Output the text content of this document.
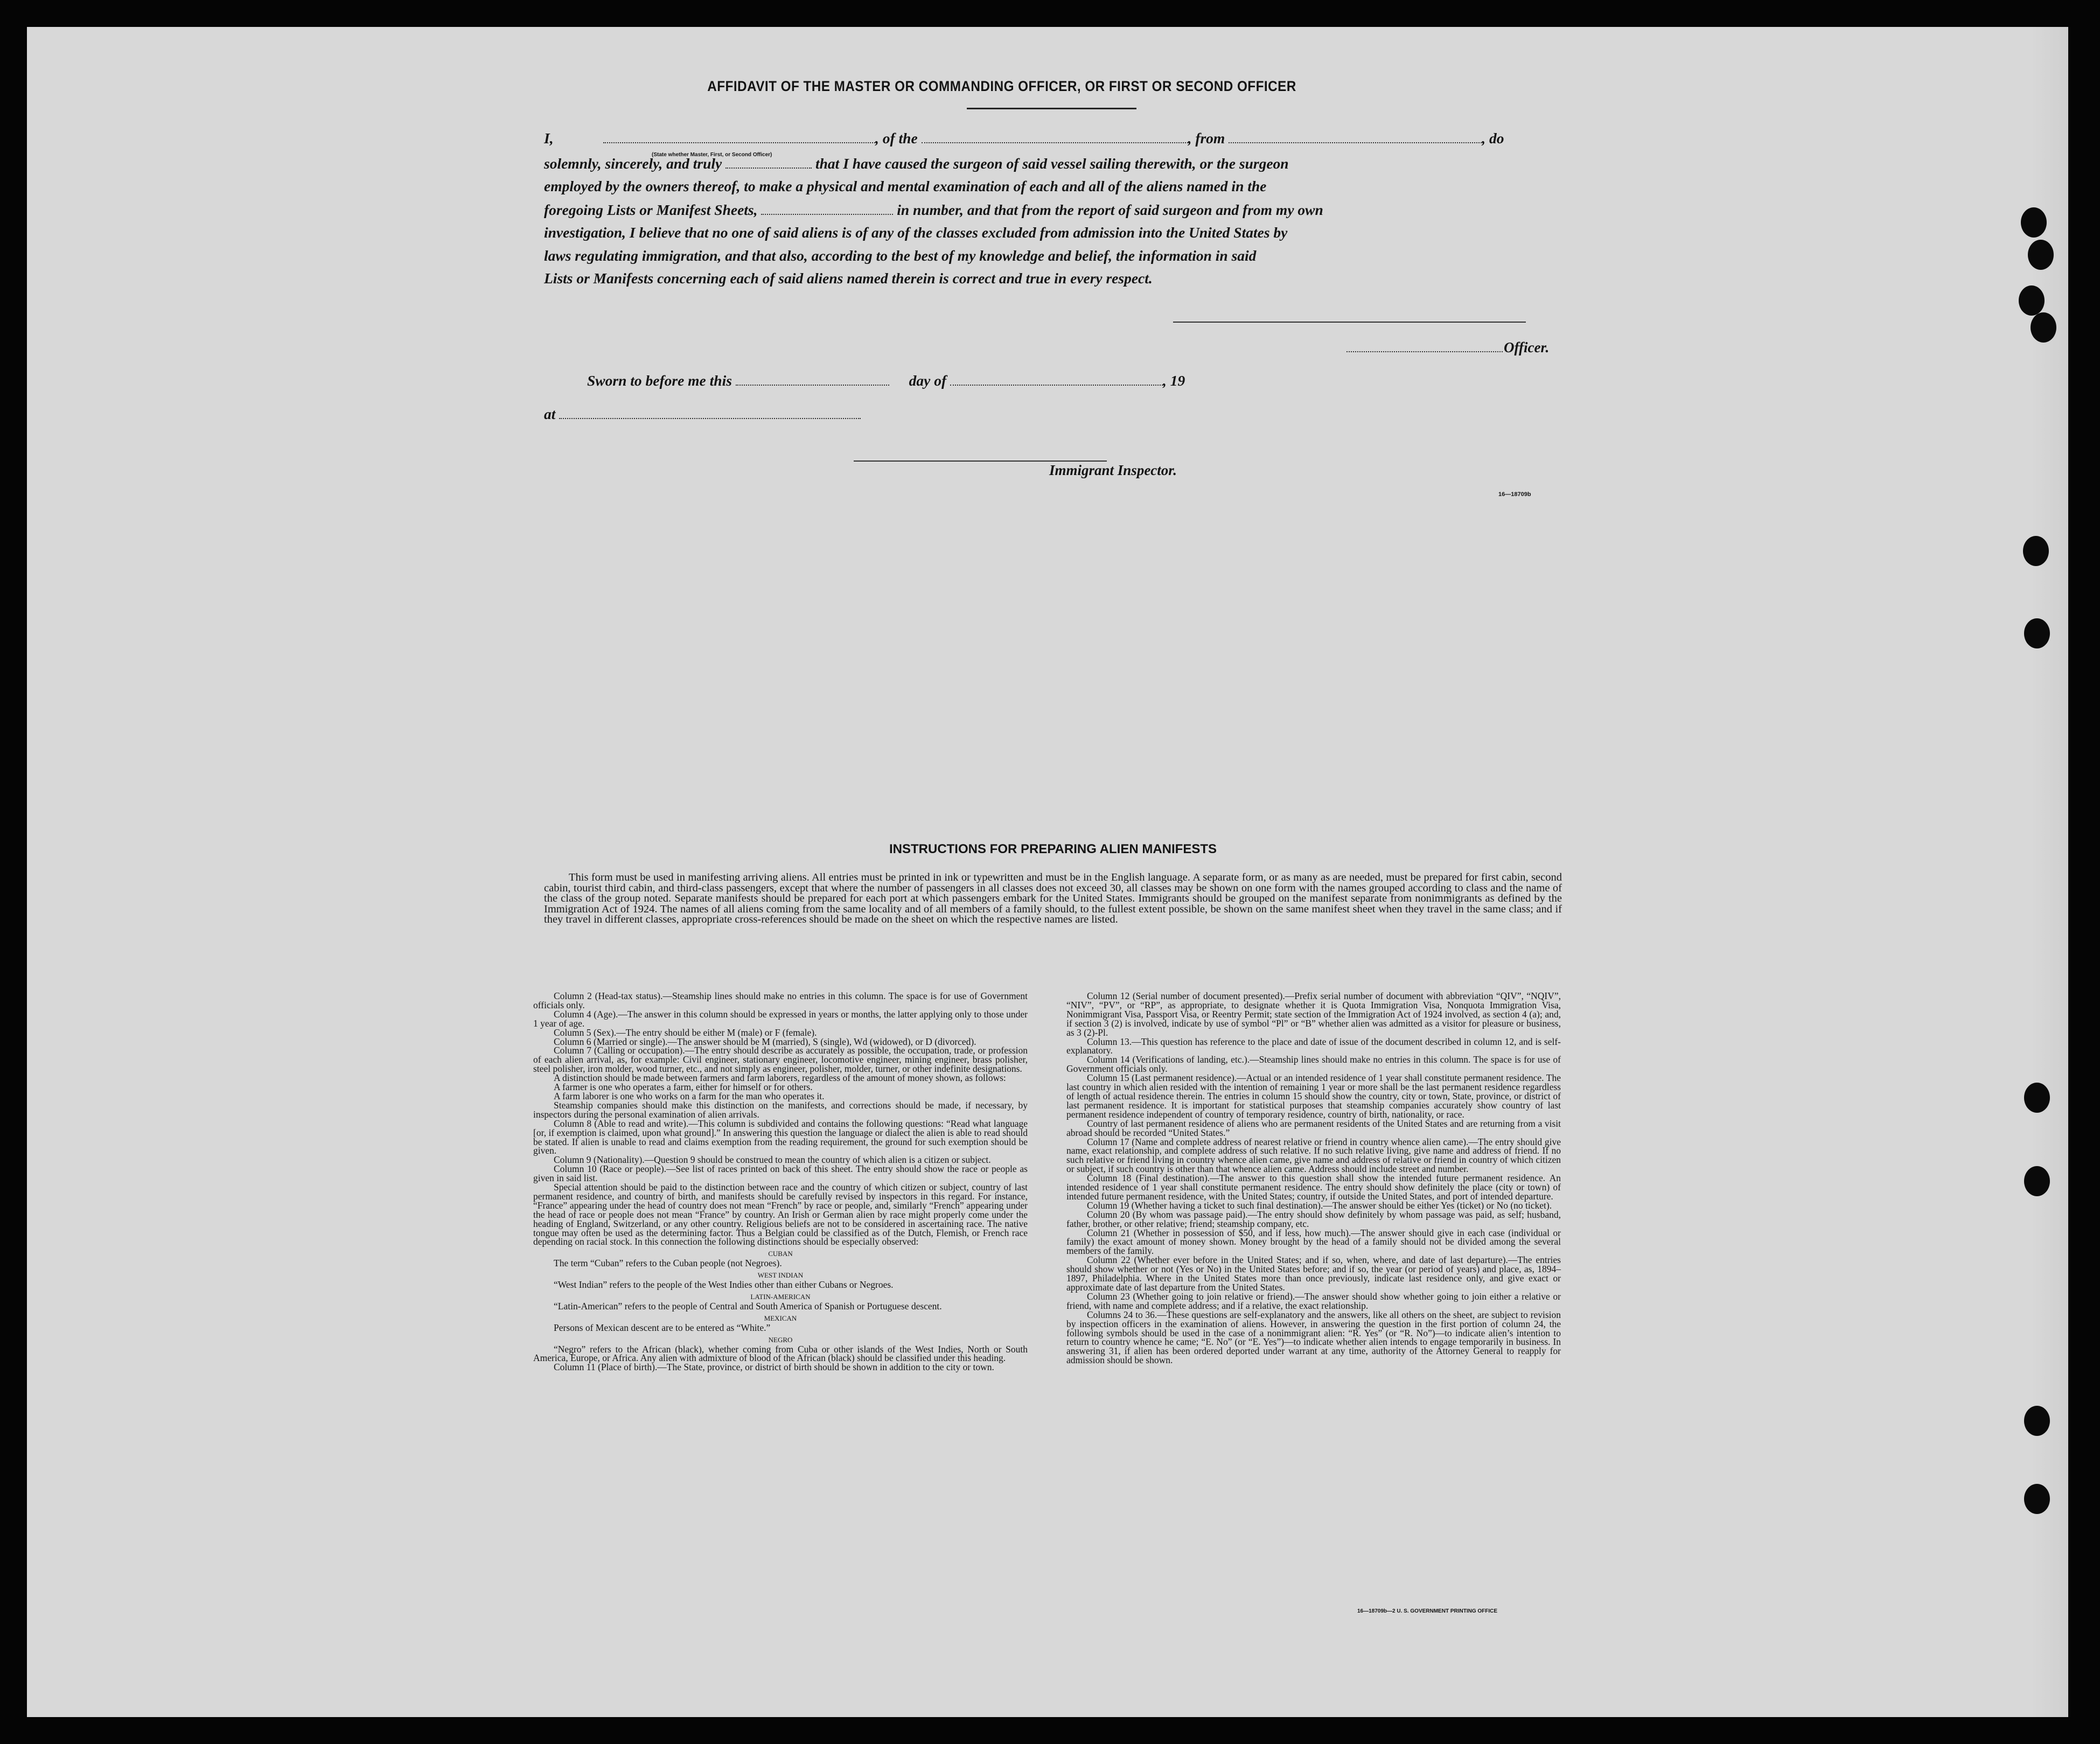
AFFIDAVIT OF THE MASTER OR COMMANDING OFFICER, OR FIRST OR SECOND OFFICER
I,	, of the	, from	, do
(State whether Master, First, or Second Officer)
solemnly, sincerely, and truly	that I have caused the surgeon of said vessel sailing therewith, or the surgeon
employed by the owners thereof, to make a physical and mental examination of each and all of the aliens named in the
foregoing Lists or Manifest Sheets,	in number, and that from the report of said surgeon and from my own
investigation, I believe that no one of said aliens is of any of the classes excluded from admission into the United States by
laws regulating immigration, and that also, according to the best of my knowledge and belief, the information in said
Lists or Manifests concerning each of said aliens named therein is correct and true in every respect.
Officer.
Sworn to before me this	day of	, 19
at
Immigrant Inspector.
16—18709b
INSTRUCTIONS FOR PREPARING ALIEN MANIFESTS

This form must be used in manifesting arriving aliens. All entries must be printed in ink or typewritten and must be in the English language. A separate form, or as many as are needed, must be prepared for first cabin, second cabin, tourist third cabin, and third-class passengers, except that where the number of passengers in all classes does not exceed 30, all classes may be shown on one form with the names grouped according to class and the name of the class of the group noted. Separate manifests should be prepared for each port at which passengers embark for the United States. Immigrants should be grouped on the manifest separate from nonimmigrants as defined by the Immigration Act of 1924. The names of all aliens coming from the same locality and of all members of a family should, to the fullest extent possible, be shown on the same manifest sheet when they travel in the same class; and if they travel in different classes, appropriate cross-references should be made on the sheet on which the respective names are listed.

Column 2 (Head-tax status).—Steamship lines should make no entries in this column. The space is for use of Government officials only.

Column 4 (Age).—The answer in this column should be expressed in years or months, the latter applying only to those under 1 year of age.

Column 5 (Sex).—The entry should be either M (male) or F (female).

Column 6 (Married or single).—The answer should be M (married), S (single), Wd (widowed), or D (divorced).

Column 7 (Calling or occupation).—The entry should describe as accurately as possible, the occupation, trade, or profession of each alien arrival, as, for example: Civil engineer, stationary engineer, locomotive engineer, mining engineer, brass polisher, steel polisher, iron molder, wood turner, etc., and not simply as engineer, polisher, molder, turner, or other indefinite designations.

A distinction should be made between farmers and farm laborers, regardless of the amount of money shown, as follows:

A farmer is one who operates a farm, either for himself or for others.

A farm laborer is one who works on a farm for the man who operates it.

Steamship companies should make this distinction on the manifests, and corrections should be made, if necessary, by inspectors during the personal examination of alien arrivals.

Column 8 (Able to read and write).—This column is subdivided and contains the following questions: “Read what language [or, if exemption is claimed, upon what ground].” In answering this question the language or dialect the alien is able to read should be stated. If alien is unable to read and claims exemption from the reading requirement, the ground for such exemption should be given.

Column 9 (Nationality).—Question 9 should be construed to mean the country of which alien is a citizen or subject.

Column 10 (Race or people).—See list of races printed on back of this sheet. The entry should show the race or people as given in said list.

Special attention should be paid to the distinction between race and the country of which citizen or subject, country of last permanent residence, and country of birth, and manifests should be carefully revised by inspectors in this regard. For instance, “France” appearing under the head of country does not mean “French” by race or people, and, similarly “French” appearing under the head of race or people does not mean “France” by country. An Irish or German alien by race might properly come under the heading of England, Switzerland, or any other country. Religious beliefs are not to be considered in ascertaining race. The native tongue may often be used as the determining factor. Thus a Belgian could be classified as of the Dutch, Flemish, or French race depending on racial stock. In this connection the following distinctions should be especially observed:

CUBAN

The term “Cuban” refers to the Cuban people (not Negroes).

WEST INDIAN

“West Indian” refers to the people of the West Indies other than either Cubans or Negroes.

LATIN-AMERICAN

“Latin-American” refers to the people of Central and South America of Spanish or Portuguese descent.

MEXICAN

Persons of Mexican descent are to be entered as “White.”

NEGRO

“Negro” refers to the African (black), whether coming from Cuba or other islands of the West Indies, North or South America, Europe, or Africa. Any alien with admixture of blood of the African (black) should be classified under this heading.

Column 11 (Place of birth).—The State, province, or district of birth should be shown in addition to the city or town.

Column 12 (Serial number of document presented).—Prefix serial number of document with abbreviation “QIV”, “NQIV”, “NIV”, “PV”, or “RP”, as appropriate, to designate whether it is Quota Immigration Visa, Nonquota Immigration Visa, Nonimmigrant Visa, Passport Visa, or Reentry Permit; state section of the Immigration Act of 1924 involved, as section 4 (a); and, if section 3 (2) is involved, indicate by use of symbol “Pl” or “B” whether alien was admitted as a visitor for pleasure or business, as 3 (2)-Pl.

Column 13.—This question has reference to the place and date of issue of the document described in column 12, and is self-explanatory.

Column 14 (Verifications of landing, etc.).—Steamship lines should make no entries in this column. The space is for use of Government officials only.

Column 15 (Last permanent residence).—Actual or an intended residence of 1 year shall constitute permanent residence. The last country in which alien resided with the intention of remaining 1 year or more shall be the last permanent residence regardless of length of actual residence therein. The entries in column 15 should show the country, city or town, State, province, or district of last permanent residence. It is important for statistical purposes that steamship companies accurately show country of last permanent residence independent of country of temporary residence, country of birth, nationality, or race.

Country of last permanent residence of aliens who are permanent residents of the United States and are returning from a visit abroad should be recorded “United States.”

Column 17 (Name and complete address of nearest relative or friend in country whence alien came).—The entry should give name, exact relationship, and complete address of such relative. If no such relative living, give name and address of friend. If no such relative or friend living in country whence alien came, give name and address of relative or friend in country of which citizen or subject, if such country is other than that whence alien came. Address should include street and number.

Column 18 (Final destination).—The answer to this question shall show the intended future permanent residence. An intended residence of 1 year shall constitute permanent residence. The entry should show definitely the place (city or town) of intended future permanent residence, with the United States; country, if outside the United States, and port of intended departure.

Column 19 (Whether having a ticket to such final destination).—The answer should be either Yes (ticket) or No (no ticket).

Column 20 (By whom was passage paid).—The entry should show definitely by whom passage was paid, as self; husband, father, brother, or other relative; friend; steamship company, etc.

Column 21 (Whether in possession of $50, and if less, how much).—The answer should give in each case (individual or family) the exact amount of money shown. Money brought by the head of a family should not be divided among the several members of the family.

Column 22 (Whether ever before in the United States; and if so, when, where, and date of last departure).—The entries should show whether or not (Yes or No) in the United States before; and if so, the year (or period of years) and place, as, 1894–1897, Philadelphia. Where in the United States more than once previously, indicate last residence only, and give exact or approximate date of last departure from the United States.

Column 23 (Whether going to join relative or friend).—The answer should show whether going to join either a relative or friend, with name and complete address; and if a relative, the exact relationship.

Columns 24 to 36.—These questions are self-explanatory and the answers, like all others on the sheet, are subject to revision by inspection officers in the examination of aliens. However, in answering the question in the first portion of column 24, the following symbols should be used in the case of a nonimmigrant alien: “R. Yes” (or “R. No”)—to indicate alien’s intention to return to country whence he came; “E. No” (or “E. Yes”)—to indicate whether alien intends to engage temporarily in business. In answering 31, if alien has been ordered deported under warrant at any time, authority of the Attorney General to reapply for admission should be shown.

16—18709b—2 U. S. GOVERNMENT PRINTING OFFICE
